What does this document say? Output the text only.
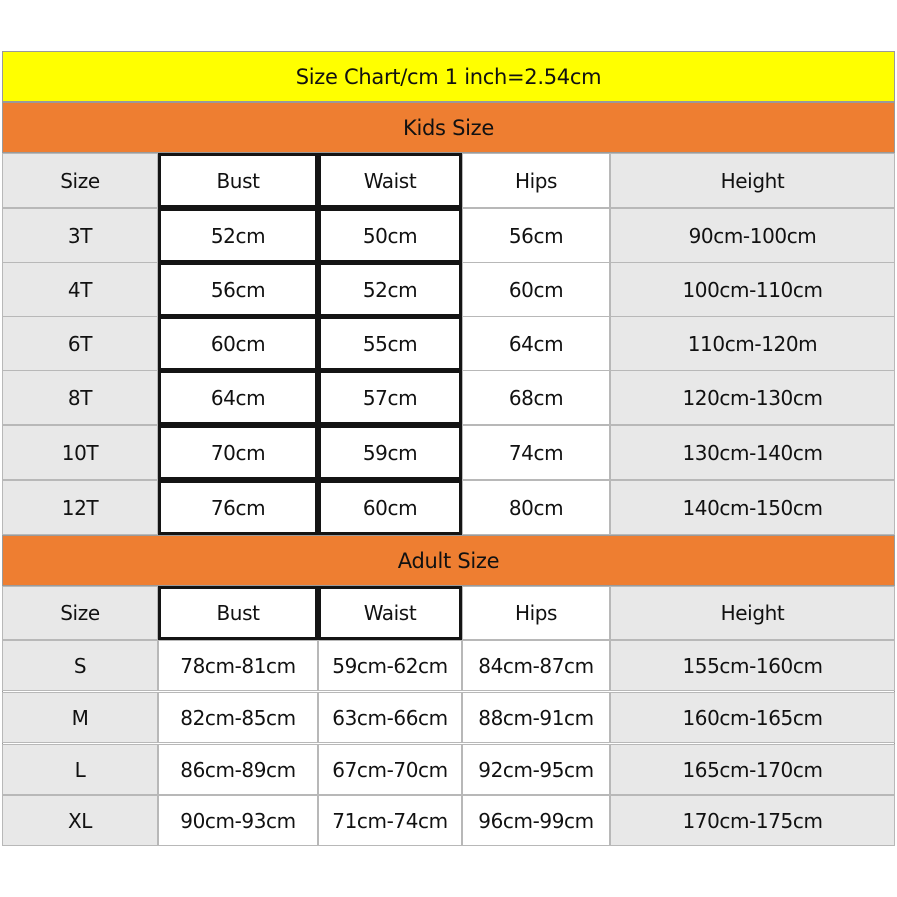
Size Chart/cm 1 inch=2.54cm
Kids Size
Adult Size
Size	Bust	Waist	Hips	Height
3T	52cm	50cm	56cm	90cm-100cm
4T	56cm	52cm	60cm	100cm-110cm
6T	60cm	55cm	64cm	110cm-120m
8T	64cm	57cm	68cm	120cm-130cm
10T	70cm	59cm	74cm	130cm-140cm
12T	76cm	60cm	80cm	140cm-150cm
Size	Bust	Waist	Hips	Height
S	78cm-81cm	59cm-62cm	84cm-87cm	155cm-160cm
M	82cm-85cm	63cm-66cm	88cm-91cm	160cm-165cm
L	86cm-89cm	67cm-70cm	92cm-95cm	165cm-170cm
XL	90cm-93cm	71cm-74cm	96cm-99cm	170cm-175cm
